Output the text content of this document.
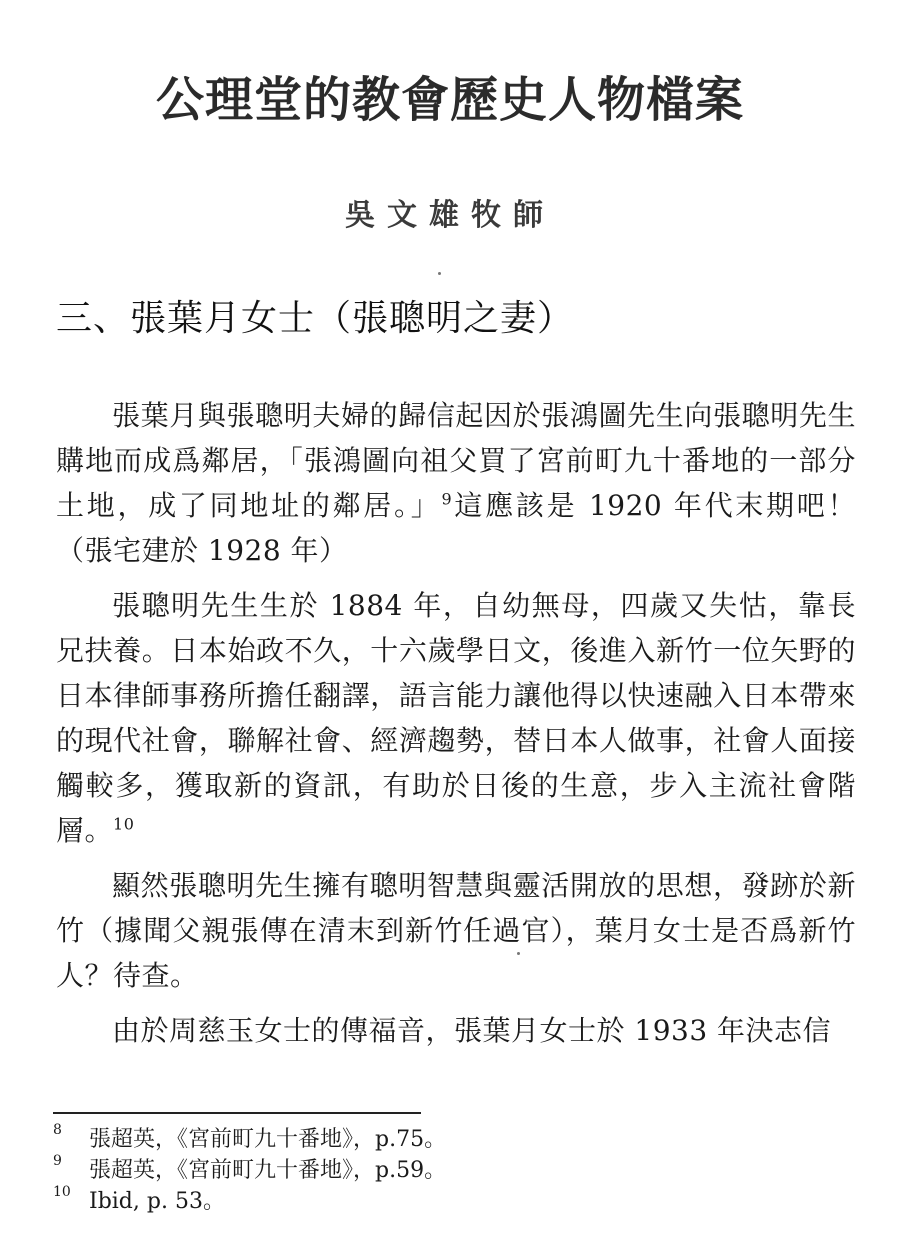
公理堂的教會歷史人物檔案
吳文雄牧師
三、張葉月女士（張聰明之妻）

張葉月與張聰明夫婦的歸信起因於張鴻圖先生向張聰明先生購地而成爲鄰居，「張鴻圖向祖父買了宮前町九十番地的一部分土地，成了同地址的鄰居。」$^9$這應該是 1920 年代末期吧！（張宅建於 1928 年）

張聰明先生生於 1884 年，自幼無母，四歲又失怙，靠長兄扶養。日本始政不久，十六歲學日文，後進入新竹一位矢野的日本律師事務所擔任翻譯，語言能力讓他得以快速融入日本帶來的現代社會，聯解社會、經濟趨勢，替日本人做事，社會人面接觸較多，獲取新的資訊，有助於日後的生意，步入主流社會階層。$^{10}$

顯然張聰明先生擁有聰明智慧與靈活開放的思想，發跡於新竹（據聞父親張傳在清末到新竹任過官），葉月女士是否爲新竹人？待查。

由於周慈玉女士的傳福音，張葉月女士於 1933 年決志信

8 張超英，《宮前町九十番地》，p.75。
9 張超英，《宮前町九十番地》，p.59。
10 Ibid, p. 53。
